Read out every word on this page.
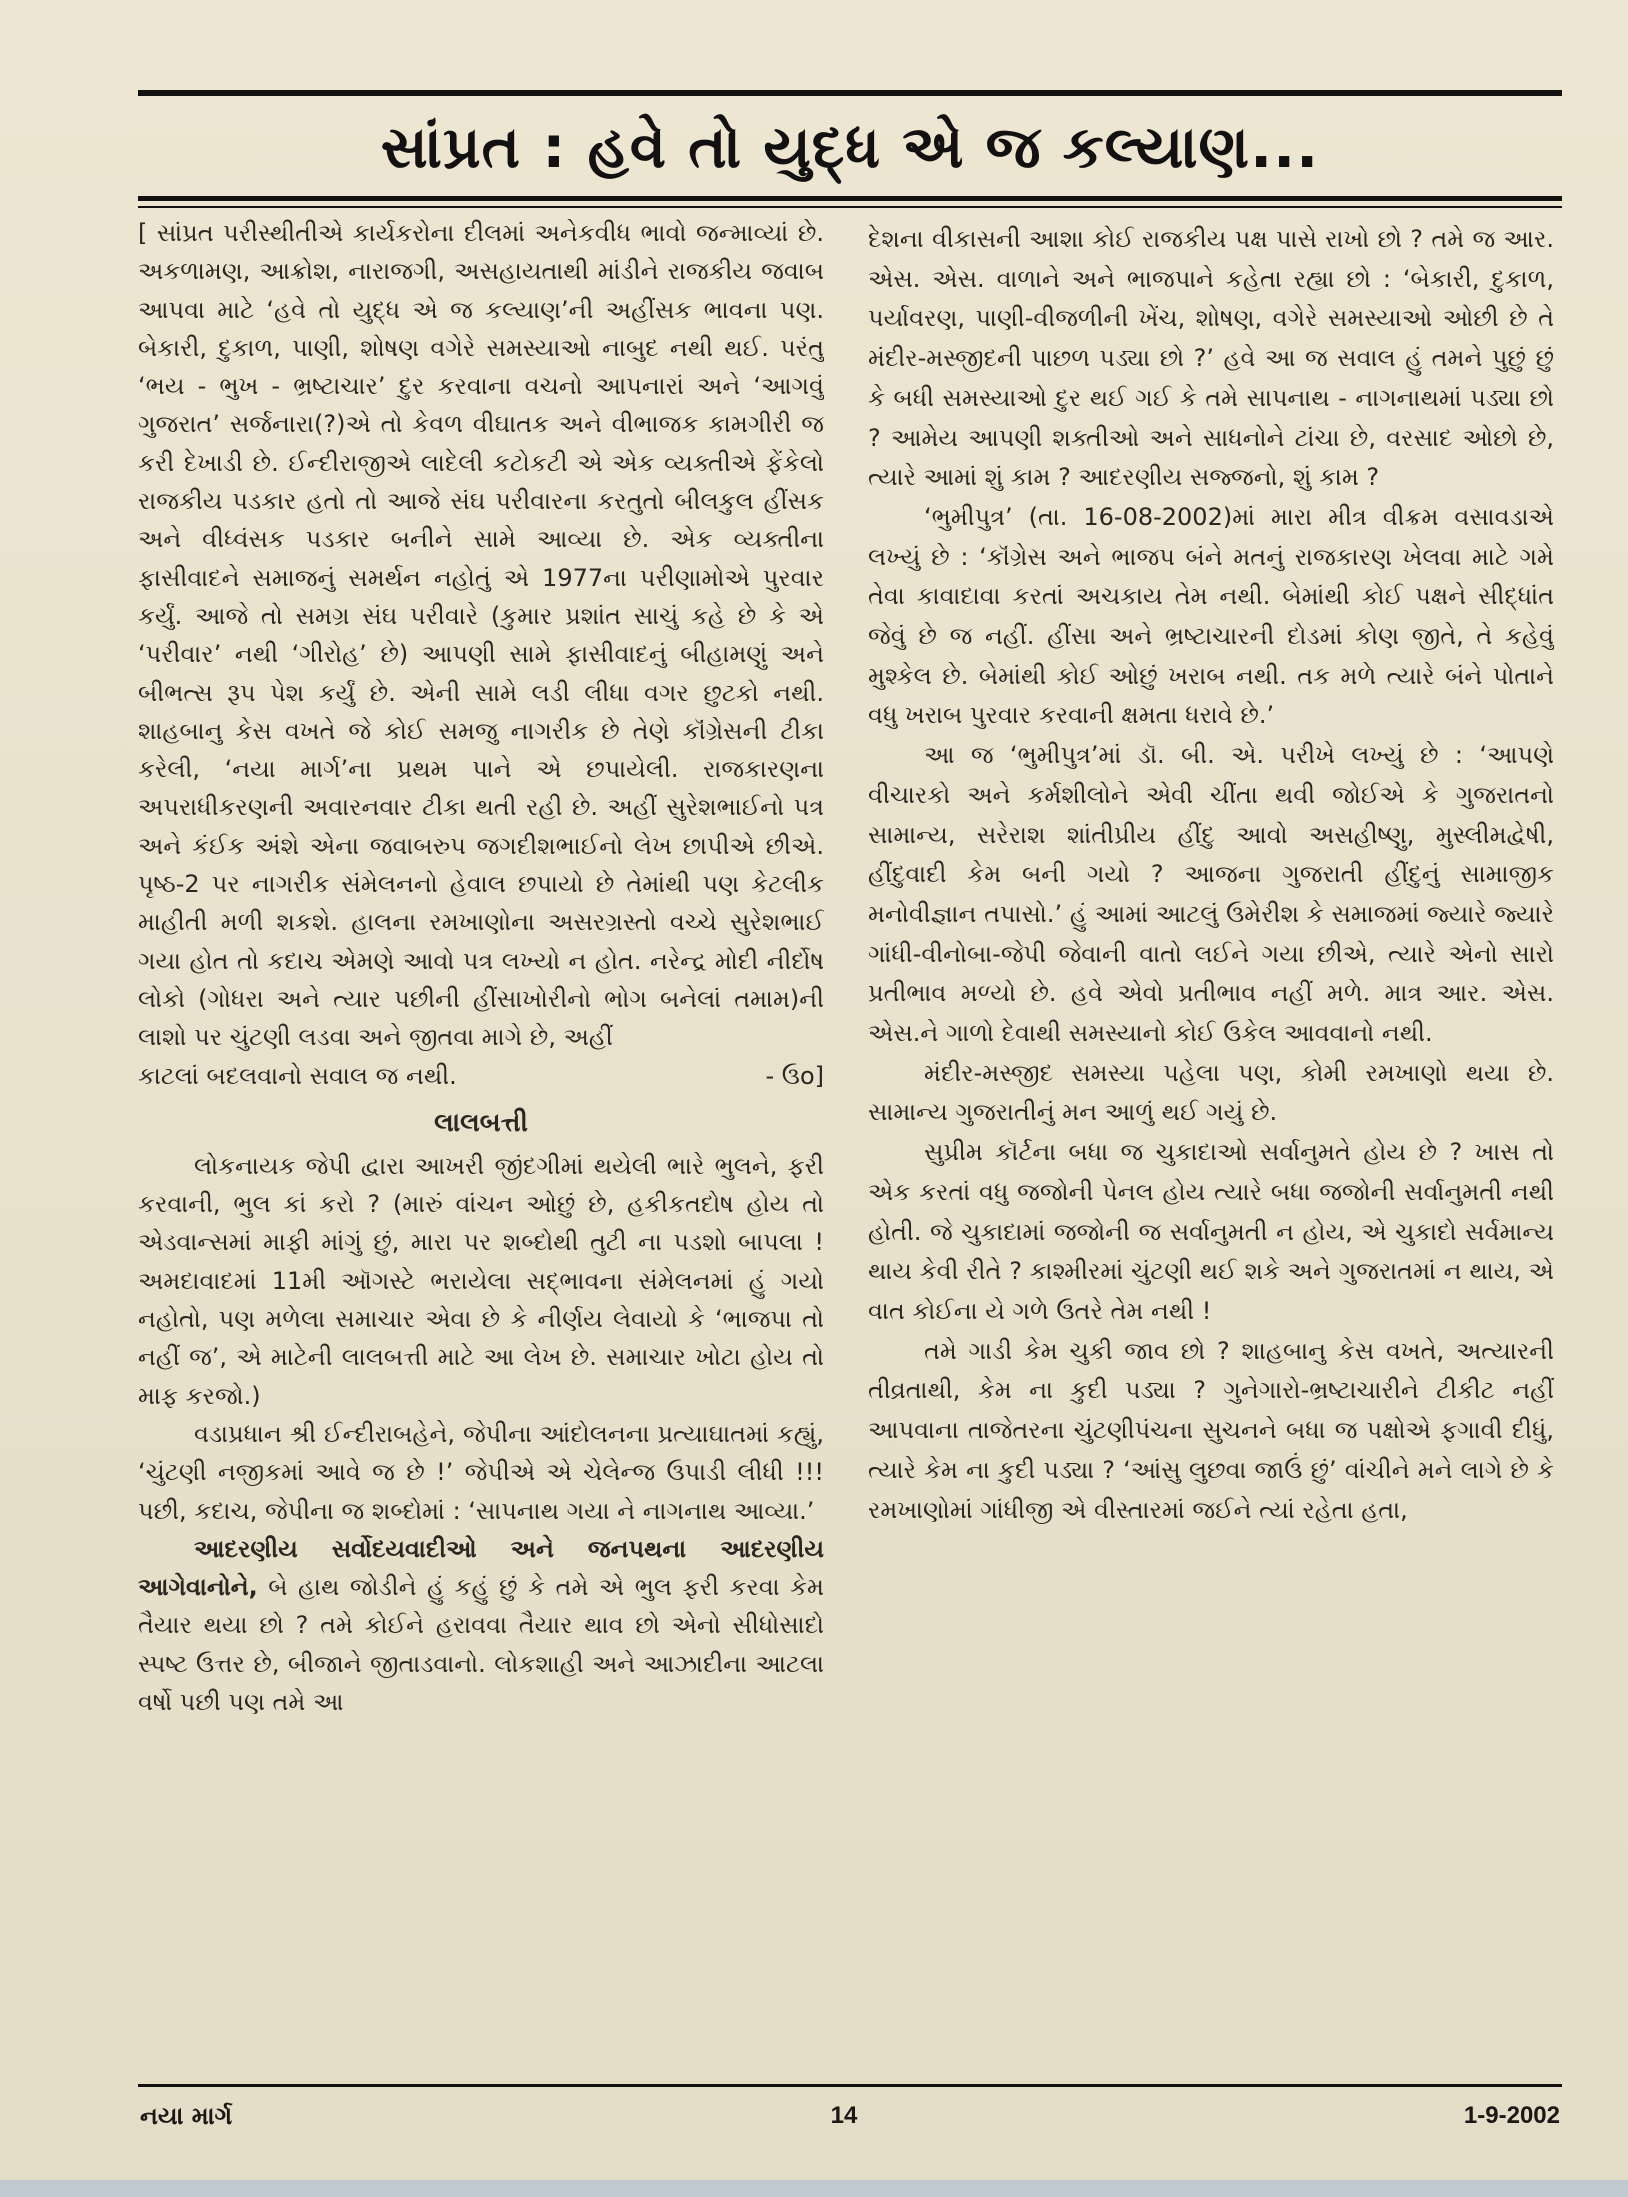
સાંપ્રત : હવે તો યુદ્ધ એ જ કલ્યાણ...

[ સાંપ્રત પરીસ્થીતીએ કાર્યકરોના દીલમાં અનેકવીધ ભાવો જન્માવ્યાં છે. અકળામણ, આક્રોશ, નારાજગી, અસહાયતાથી માંડીને રાજકીય જવાબ આપવા માટે ‘હવે તો યુદ્ધ એ જ કલ્યાણ’ની અહીંસક ભાવના પણ. બેકારી, દુકાળ, પાણી, શોષણ વગેરે સમસ્યાઓ નાબુદ નથી થઈ. પરંતુ ‘ભય - ભુખ - ભ્રષ્ટાચાર’ દુર કરવાના વચનો આપનારાં અને ‘આગવું ગુજરાત’ સર્જનારા(?)એ તો કેવળ વીઘાતક અને વીભાજક કામગીરી જ કરી દેખાડી છે. ઈન્દીરાજીએ લાદેલી કટોકટી એ એક વ્યક્તીએ ફેંકેલો રાજકીય પડકાર હતો તો આજે સંઘ પરીવારના કરતુતો બીલકુલ હીંસક અને વીધ્વંસક પડકાર બનીને સામે આવ્યા છે. એક વ્યક્તીના ફાસીવાદને સમાજનું સમર્થન નહોતું એ 1977ના પરીણામોએ પુરવાર કર્યું. આજે તો સમગ્ર સંઘ પરીવારે (કુમાર પ્રશાંત સાચું કહે છે કે એ ‘પરીવાર’ નથી ‘ગીરોહ’ છે) આપણી સામે ફાસીવાદનું બીહામણું અને બીભત્સ રૂપ પેશ કર્યું છે. એની સામે લડી લીધા વગર છુટકો નથી. શાહબાનુ કેસ વખતે જે કોઈ સમજુ નાગરીક છે તેણે કૉંગ્રેસની ટીકા કરેલી, ‘નયા માર્ગ’ના પ્રથમ પાને એ છપાયેલી. રાજકારણના અપરાધીકરણની અવારનવાર ટીકા થતી રહી છે. અહીં સુરેશભાઈનો પત્ર અને કંઈક અંશે એના જવાબરુપ જગદીશભાઈનો લેખ છાપીએ છીએ. પૃષ્ઠ-2 પર નાગરીક સંમેલનનો હેવાલ છપાયો છે તેમાંથી પણ કેટલીક માહીતી મળી શકશે. હાલના રમખાણોના અસરગ્રસ્તો વચ્ચે સુરેશભાઈ ગયા હોત તો કદાચ એમણે આવો પત્ર લખ્યો ન હોત. નરેન્દ્ર મોદી નીર્દોષ લોકો (ગોધરા અને ત્યાર પછીની હીંસાખોરીનો ભોગ બનેલાં તમામ)ની લાશો પર ચુંટણી લડવા અને જીતવા માગે છે, અહીં

કાટલાં બદલવાનો સવાલ જ નથી.	- ઉo]
લાલબત્તી

લોકનાયક જેપી દ્વારા આખરી જીંદગીમાં થયેલી ભારે ભુલને, ફરી કરવાની, ભુલ કાં કરો ? (મારું વાંચન ઓછું છે, હકીકતદોષ હોય તો એડવાન્સમાં માફી માંગું છું, મારા પર શબ્દોથી તુટી ના પડશો બાપલા ! અમદાવાદમાં 11મી ઑગસ્ટે ભરાયેલા સદ્ભાવના સંમેલનમાં હું ગયો નહોતો, પણ મળેલા સમાચાર એવા છે કે નીર્ણય લેવાયો કે ‘ભાજપા તો નહીં જ’, એ માટેની લાલબત્તી માટે આ લેખ છે. સમાચાર ખોટા હોય તો માફ કરજો.)

વડાપ્રધાન શ્રી ઈન્દીરાબહેને, જેપીના આંદોલનના પ્રત્યાઘાતમાં કહ્યું, ‘ચુંટણી નજીકમાં આવે જ છે !’ જેપીએ એ ચેલેન્જ ઉપાડી લીધી !!! પછી, કદાચ, જેપીના જ શબ્દોમાં : ‘સાપનાથ ગયા ને નાગનાથ આવ્યા.’

આદરણીય સર્વોદયવાદીઓ અને જનપથના આદરણીય આગેવાનોને, બે હાથ જોડીને હું કહું છું કે તમે એ ભુલ ફરી કરવા કેમ તૈયાર થયા છો ? તમે કોઈને હરાવવા તૈયાર થાવ છો એનો સીધોસાદો સ્પષ્ટ ઉત્તર છે, બીજાને જીતાડવાનો. લોકશાહી અને આઝાદીના આટલા વર્ષો પછી પણ તમે આ

દેશના વીકાસની આશા કોઈ રાજકીય પક્ષ પાસે રાખો છો ? તમે જ આર. એસ. એસ. વાળાને અને ભાજપાને કહેતા રહ્યા છો : ‘બેકારી, દુકાળ, પર્યાવરણ, પાણી-વીજળીની ખેંચ, શોષણ, વગેરે સમસ્યાઓ ઓછી છે તે મંદીર-મસ્જીદની પાછળ પડ્યા છો ?’ હવે આ જ સવાલ હું તમને પુછું છું કે બધી સમસ્યાઓ દુર થઈ ગઈ કે તમે સાપનાથ - નાગનાથમાં પડ્યા છો ? આમેય આપણી શક્તીઓ અને સાધનોને ટાંચા છે, વરસાદ ઓછો છે, ત્યારે આમાં શું કામ ? આદરણીય સજ્જનો, શું કામ ?

‘ભુમીપુત્ર’ (તા. 16-08-2002)માં મારા મીત્ર વીક્રમ વસાવડાએ લખ્યું છે : ‘કૉંગ્રેસ અને ભાજપ બંને મતનું રાજકારણ ખેલવા માટે ગમે તેવા કાવાદાવા કરતાં અચકાય તેમ નથી. બેમાંથી કોઈ પક્ષને સીદ્ધાંત જેવું છે જ નહીં. હીંસા અને ભ્રષ્ટાચારની દોડમાં કોણ જીતે, તે કહેવું મુશ્કેલ છે. બેમાંથી કોઈ ઓછું ખરાબ નથી. તક મળે ત્યારે બંને પોતાને વધુ ખરાબ પુરવાર કરવાની ક્ષમતા ધરાવે છે.’

આ જ ‘ભુમીપુત્ર’માં ડૉ. બી. એ. પરીખે લખ્યું છે : ‘આપણે વીચારકો અને કર્મશીલોને એવી ચીંતા થવી જોઈએ કે ગુજરાતનો સામાન્ય, સરેરાશ શાંતીપ્રીય હીંદુ આવો અસહીષ્ણુ, મુસ્લીમદ્વેષી, હીંદુવાદી કેમ બની ગયો ? આજના ગુજરાતી હીંદુનું સામાજીક મનોવીજ્ઞાન તપાસો.’ હું આમાં આટલું ઉમેરીશ કે સમાજમાં જ્યારે જ્યારે ગાંધી-વીનોબા-જેપી જેવાની વાતો લઈને ગયા છીએ, ત્યારે એનો સારો પ્રતીભાવ મળ્યો છે. હવે એવો પ્રતીભાવ નહીં મળે. માત્ર આર. એસ. એસ.ને ગાળો દેવાથી સમસ્યાનો કોઈ ઉકેલ આવવાનો નથી.

મંદીર-મસ્જીદ સમસ્યા પહેલા પણ, કોમી રમખાણો થયા છે. સામાન્ય ગુજરાતીનું મન આળું થઈ ગયું છે.

સુપ્રીમ કૉર્ટના બધા જ ચુકાદાઓ સર્વાનુમતે હોય છે ? ખાસ તો એક કરતાં વધુ જજોની પેનલ હોય ત્યારે બધા જજોની સર્વાનુમતી નથી હોતી. જે ચુકાદામાં જજોની જ સર્વાનુમતી ન હોય, એ ચુકાદો સર્વમાન્ય થાય કેવી રીતે ? કાશ્મીરમાં ચુંટણી થઈ શકે અને ગુજરાતમાં ન થાય, એ વાત કોઈના યે ગળે ઉતરે તેમ નથી !

તમે ગાડી કેમ ચુકી જાવ છો ? શાહબાનુ કેસ વખતે, અત્યારની તીવ્રતાથી, કેમ ના કુદી પડ્યા ? ગુનેગારો-ભ્રષ્ટાચારીને ટીકીટ નહીં આપવાના તાજેતરના ચુંટણીપંચના સુચનને બધા જ પક્ષોએ ફગાવી દીધું, ત્યારે કેમ ના કુદી પડ્યા ? ‘આંસુ લુછવા જાઉં છું’ વાંચીને મને લાગે છે કે રમખાણોમાં ગાંધીજી એ વીસ્તારમાં જઈને ત્યાં રહેતા હતા,

નયા માર્ગ	14	1-9-2002
